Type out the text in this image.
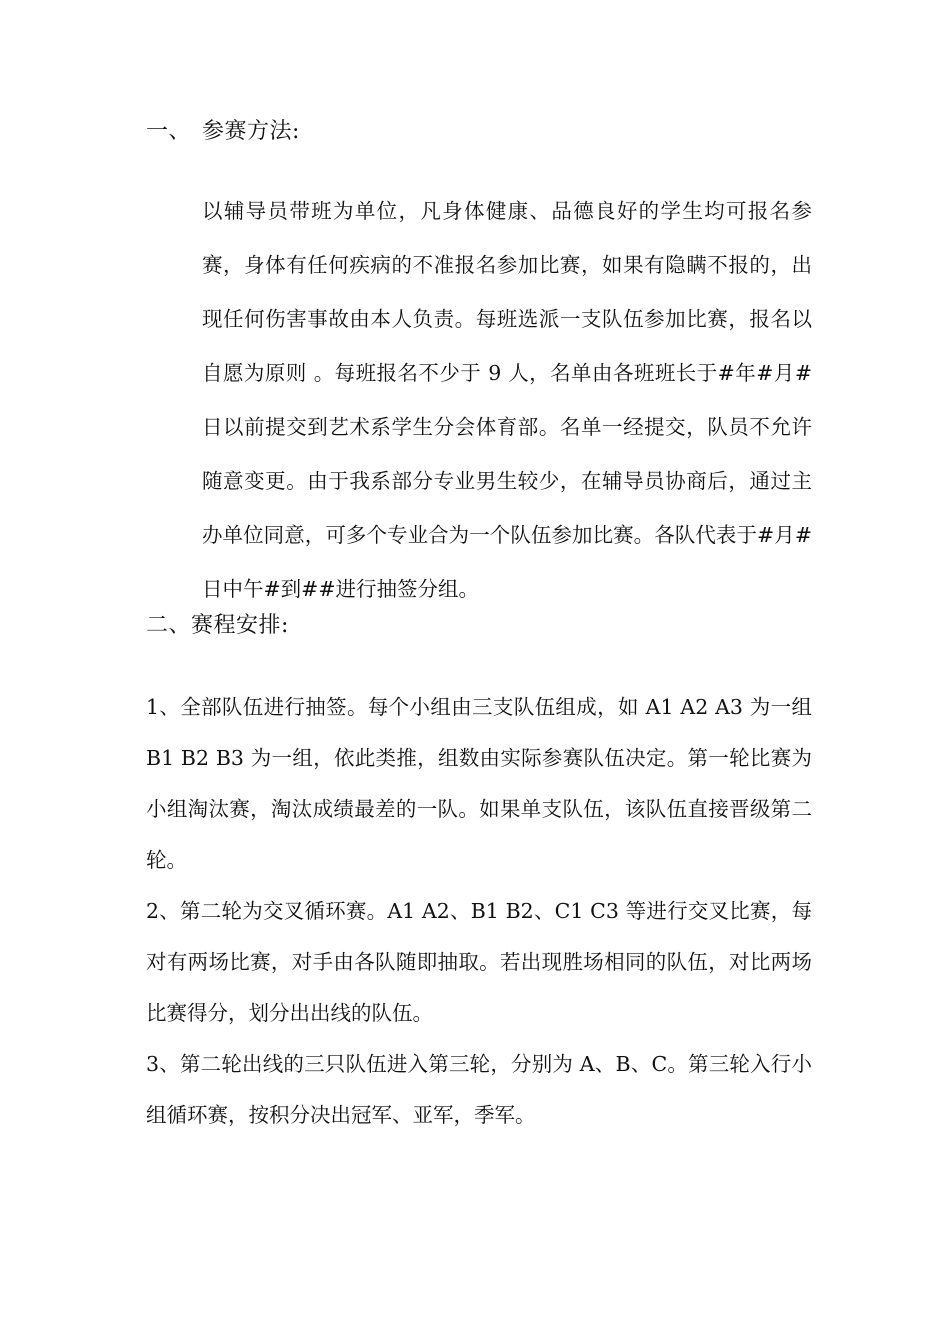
一、 参赛方法:

以辅导员带班为单位，凡身体健康、品德良好的学生均可报名参赛，身体有任何疾病的不准报名参加比赛，如果有隐瞒不报的，出现任何伤害事故由本人负责。每班选派一支队伍参加比赛，报名以自愿为原则 。每班报名不少于 9 人，名单由各班班长于#年#月#日以前提交到艺术系学生分会体育部。名单一经提交，队员不允许随意变更。由于我系部分专业男生较少，在辅导员协商后，通过主办单位同意，可多个专业合为一个队伍参加比赛。各队代表于#月#日中午#到##进行抽签分组。

二、赛程安排:

1、全部队伍进行抽签。每个小组由三支队伍组成，如 A1 A2 A3 为一组 B1 B2 B3 为一组，依此类推，组数由实际参赛队伍决定。第一轮比赛为小组淘汰赛，淘汰成绩最差的一队。如果单支队伍，该队伍直接晋级第二轮。

2、第二轮为交叉循环赛。A1 A2、B1 B2、C1 C3 等进行交叉比赛，每对有两场比赛，对手由各队随即抽取。若出现胜场相同的队伍，对比两场比赛得分，划分出出线的队伍。

3、第二轮出线的三只队伍进入第三轮，分别为 A、B、C。第三轮入行小组循环赛，按积分决出冠军、亚军，季军。
